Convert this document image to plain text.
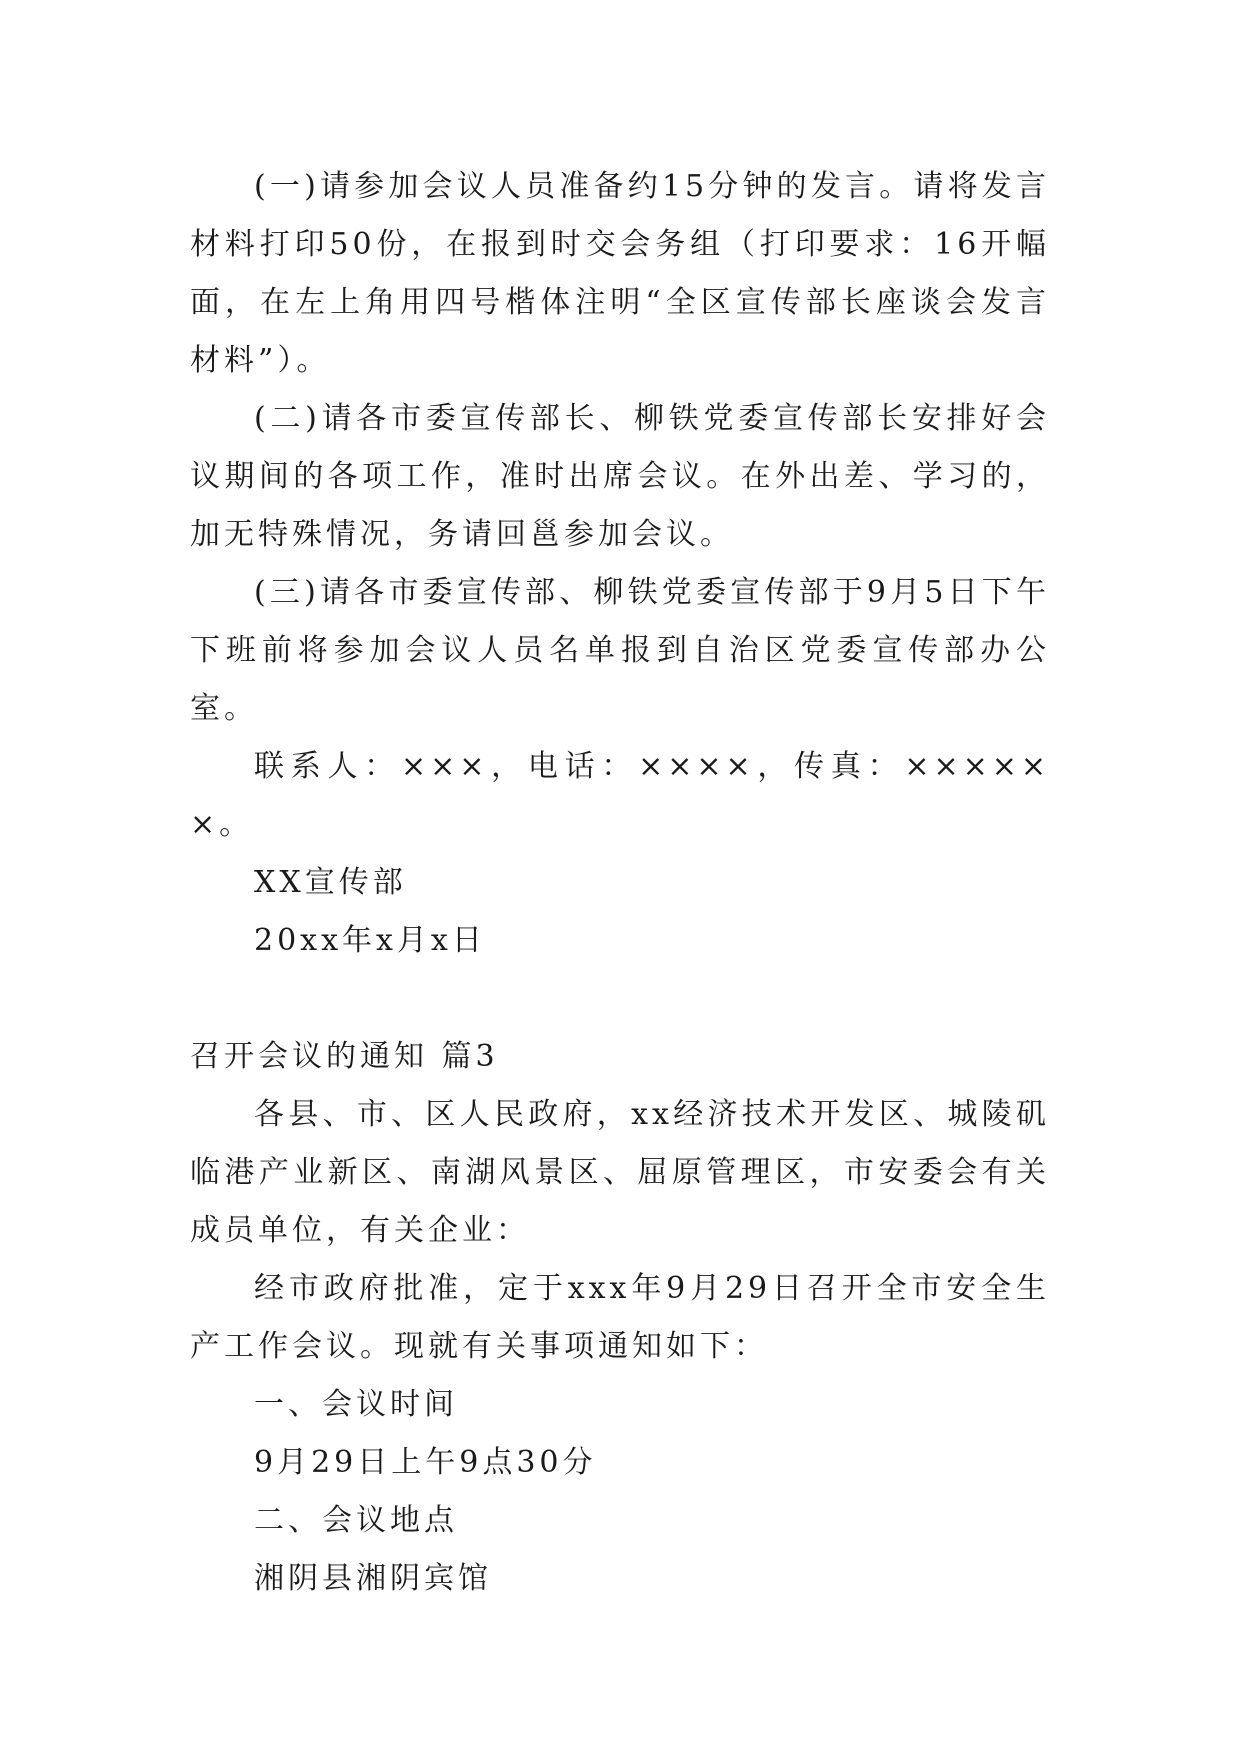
(一)请参加会议人员准备约15分钟的发言。请将发言材料打印50份，在报到时交会务组（打印要求：16开幅面，在左上角用四号楷体注明“全区宣传部长座谈会发言材料”）。

(二)请各市委宣传部长、柳铁党委宣传部长安排好会议期间的各项工作，准时出席会议。在外出差、学习的，加无特殊情况，务请回邕参加会议。

(三)请各市委宣传部、柳铁党委宣传部于9月5日下午下班前将参加会议人员名单报到自治区党委宣传部办公室。

联系人：×××，电话：××××，传真：××××××。

XX宣传部

20xx年x月x日

召开会议的通知 篇3

各县、市、区人民政府，xx经济技术开发区、城陵矶临港产业新区、南湖风景区、屈原管理区，市安委会有关成员单位，有关企业：

经市政府批准，定于xxx年9月29日召开全市安全生产工作会议。现就有关事项通知如下：

一、会议时间

9月29日上午9点30分

二、会议地点

湘阴县湘阴宾馆
